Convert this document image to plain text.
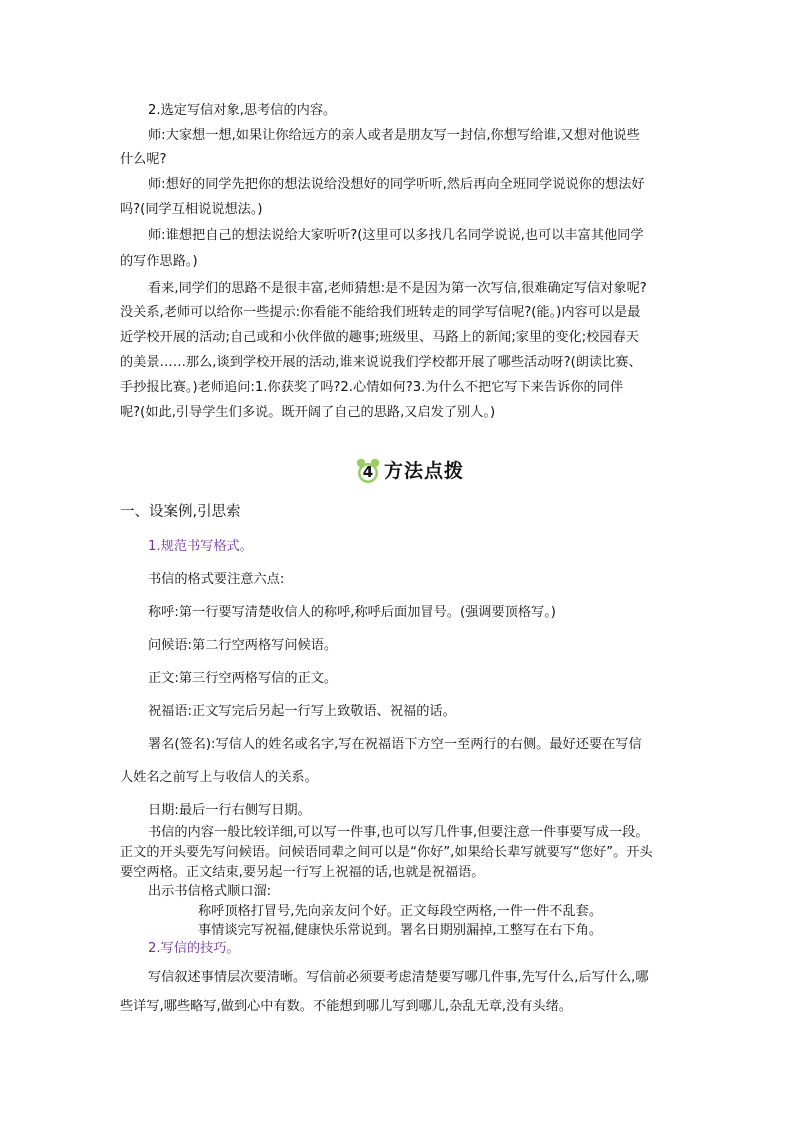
2.选定写信对象,思考信的内容。

师:大家想一想,如果让你给远方的亲人或者是朋友写一封信,你想写给谁,又想对他说些

什么呢?

师:想好的同学先把你的想法说给没想好的同学听听,然后再向全班同学说说你的想法好

吗?(同学互相说说想法。)

师:谁想把自己的想法说给大家听听?(这里可以多找几名同学说说,也可以丰富其他同学

的写作思路。)

看来,同学们的思路不是很丰富,老师猜想:是不是因为第一次写信,很难确定写信对象呢?

没关系,老师可以给你一些提示:你看能不能给我们班转走的同学写信呢?(能。)内容可以是最

近学校开展的活动;自己或和小伙伴做的趣事;班级里、马路上的新闻;家里的变化;校园春天

的美景……那么,谈到学校开展的活动,谁来说说我们学校都开展了哪些活动呀?(朗读比赛、

手抄报比赛。)老师追问:1.你获奖了吗?2.心情如何?3.为什么不把它写下来告诉你的同伴

呢?(如此,引导学生们多说。既开阔了自己的思路,又启发了别人。)

4 方法点拨

一、设案例,引思索

1.规范书写格式。

书信的格式要注意六点:

称呼:第一行要写清楚收信人的称呼,称呼后面加冒号。(强调要顶格写。)

问候语:第二行空两格写问候语。

正文:第三行空两格写信的正文。

祝福语:正文写完后另起一行写上致敬语、祝福的话。

署名(签名):写信人的姓名或名字,写在祝福语下方空一至两行的右侧。最好还要在写信

人姓名之前写上与收信人的关系。

日期:最后一行右侧写日期。

书信的内容一般比较详细,可以写一件事,也可以写几件事,但要注意一件事要写成一段。

正文的开头要先写问候语。问候语同辈之间可以是“你好”,如果给长辈写就要写“您好”。开头

要空两格。正文结束,要另起一行写上祝福的话,也就是祝福语。

出示书信格式顺口溜:

称呼顶格打冒号,先向亲友问个好。正文每段空两格,一件一件不乱套。

事情谈完写祝福,健康快乐常说到。署名日期别漏掉,工整写在右下角。

2.写信的技巧。

写信叙述事情层次要清晰。写信前必须要考虑清楚要写哪几件事,先写什么,后写什么,哪

些详写,哪些略写,做到心中有数。不能想到哪儿写到哪儿,杂乱无章,没有头绪。
